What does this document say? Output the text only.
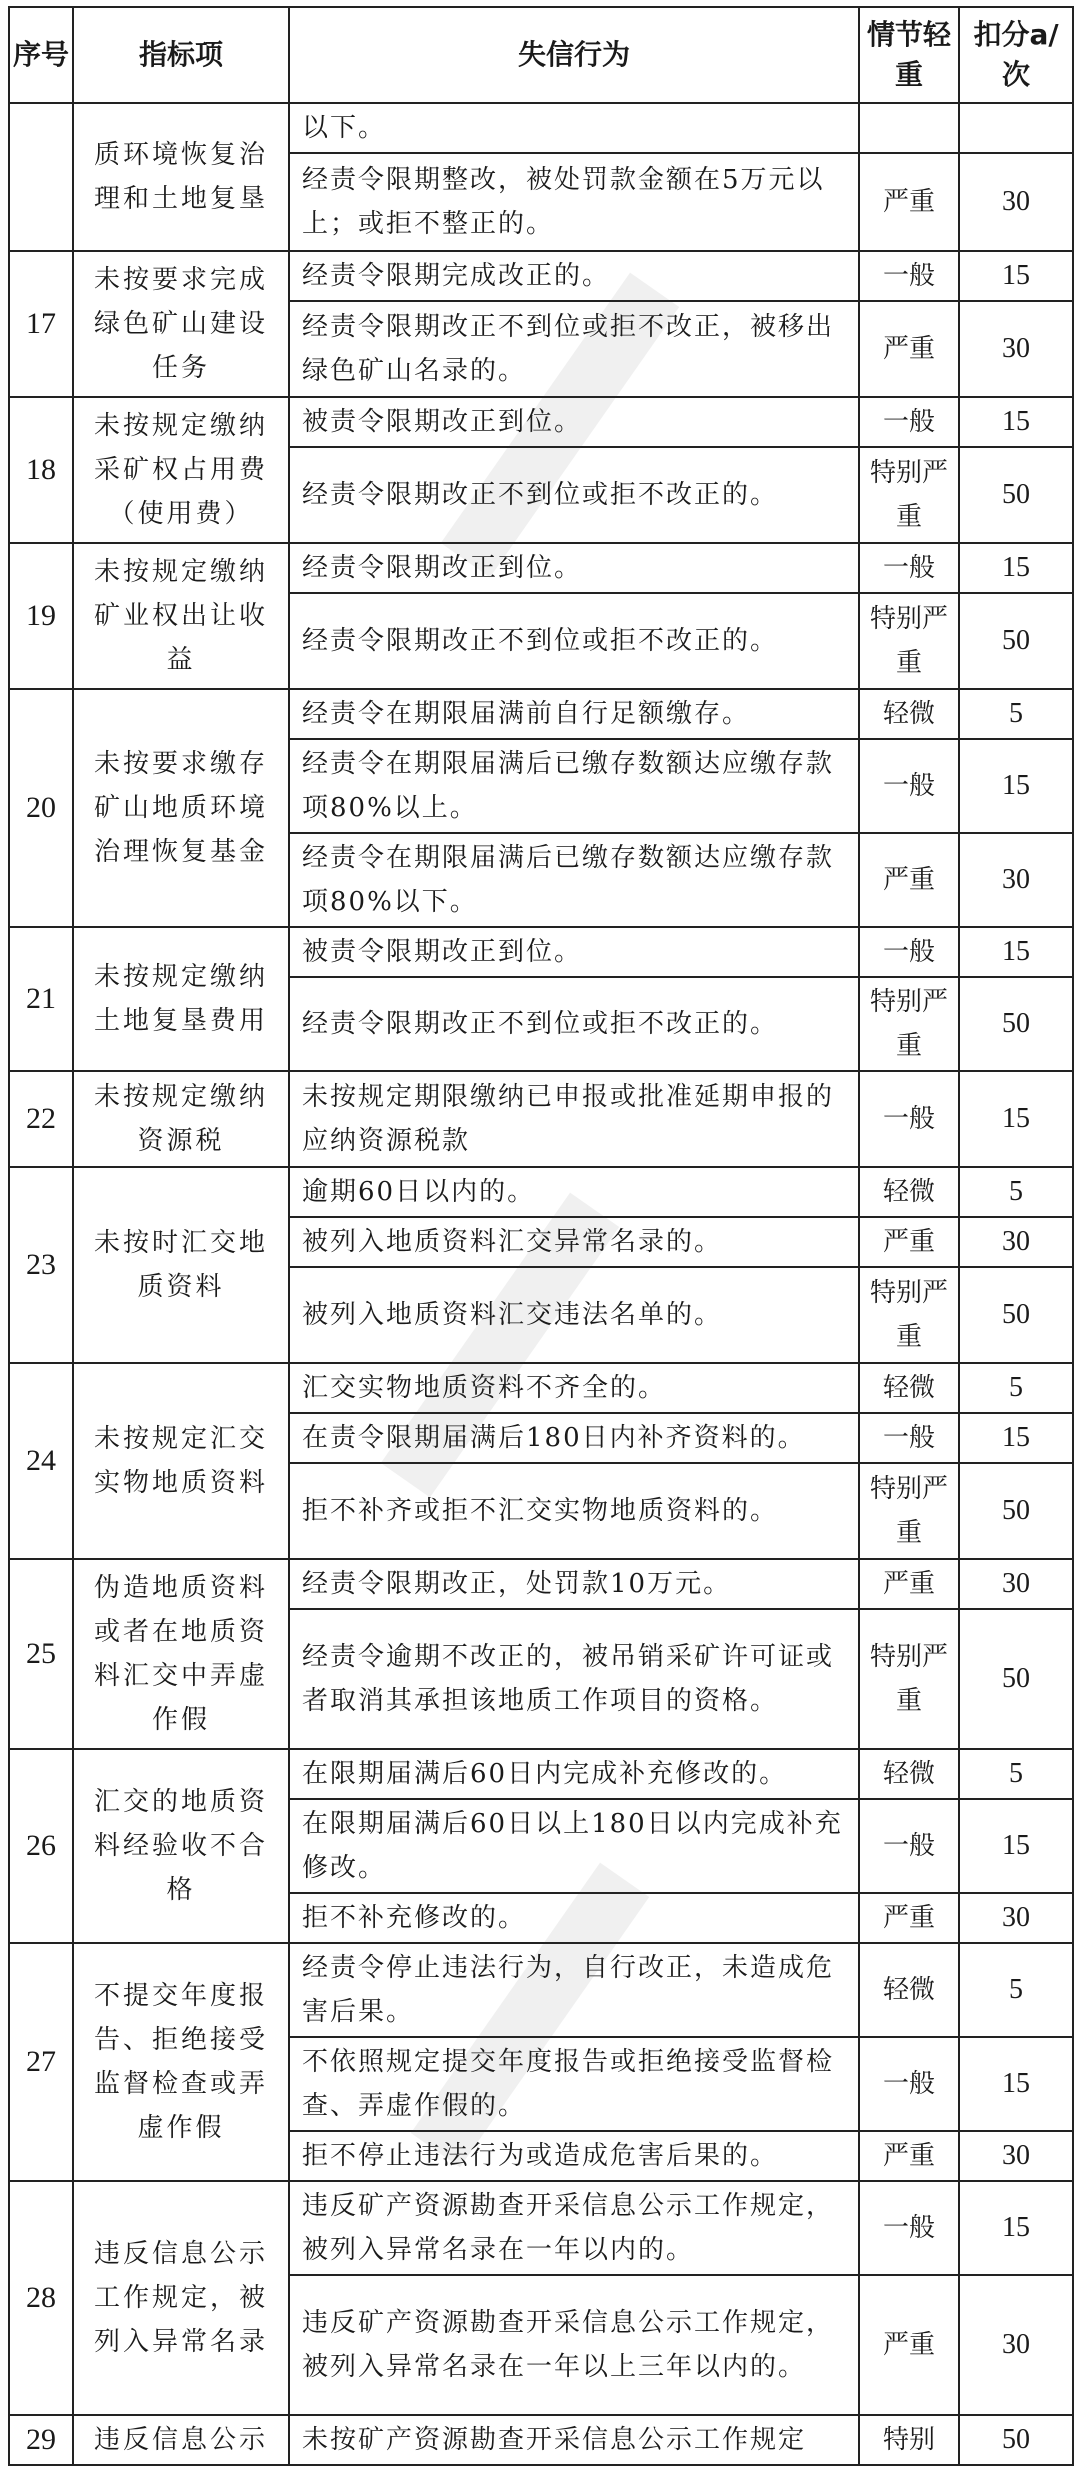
序号	指标项	失信行为	情节轻重	扣分a/次
	质环境恢复治理和土地复垦	以下。		
		经责令限期整改，被处罚款金额在5万元以上；或拒不整正的。	严重	30
17	未按要求完成绿色矿山建设任务	经责令限期完成改正的。	一般	15
		经责令限期改正不到位或拒不改正，被移出绿色矿山名录的。	严重	30
18	未按规定缴纳采矿权占用费（使用费）	被责令限期改正到位。	一般	15
		经责令限期改正不到位或拒不改正的。	特别严重	50
19	未按规定缴纳矿业权出让收益	经责令限期改正到位。	一般	15
		经责令限期改正不到位或拒不改正的。	特别严重	50
20	未按要求缴存矿山地质环境治理恢复基金	经责令在期限届满前自行足额缴存。	轻微	5
		经责令在期限届满后已缴存数额达应缴存款项80%以上。	一般	15
		经责令在期限届满后已缴存数额达应缴存款项80%以下。	严重	30
21	未按规定缴纳土地复垦费用	被责令限期改正到位。	一般	15
		经责令限期改正不到位或拒不改正的。	特别严重	50
22	未按规定缴纳资源税	未按规定期限缴纳已申报或批准延期申报的应纳资源税款	一般	15
23	未按时汇交地质资料	逾期60日以内的。	轻微	5
		被列入地质资料汇交异常名录的。	严重	30
		被列入地质资料汇交违法名单的。	特别严重	50
24	未按规定汇交实物地质资料	汇交实物地质资料不齐全的。	轻微	5
		在责令限期届满后180日内补齐资料的。	一般	15
		拒不补齐或拒不汇交实物地质资料的。	特别严重	50
25	伪造地质资料或者在地质资料汇交中弄虚作假	经责令限期改正，处罚款10万元。	严重	30
		经责令逾期不改正的，被吊销采矿许可证或者取消其承担该地质工作项目的资格。	特别严重	50
26	汇交的地质资料经验收不合格	在限期届满后60日内完成补充修改的。	轻微	5
		在限期届满后60日以上180日以内完成补充修改。	一般	15
		拒不补充修改的。	严重	30
27	不提交年度报告、拒绝接受监督检查或弄虚作假	经责令停止违法行为，自行改正，未造成危害后果。	轻微	5
		不依照规定提交年度报告或拒绝接受监督检查、弄虚作假的。	一般	15
		拒不停止违法行为或造成危害后果的。	严重	30
28	违反信息公示工作规定，被列入异常名录	违反矿产资源勘查开采信息公示工作规定，被列入异常名录在一年以内的。	一般	15
		违反矿产资源勘查开采信息公示工作规定，被列入异常名录在一年以上三年以内的。	严重	30
29	违反信息公示	未按矿产资源勘查开采信息公示工作规定	特别	50
